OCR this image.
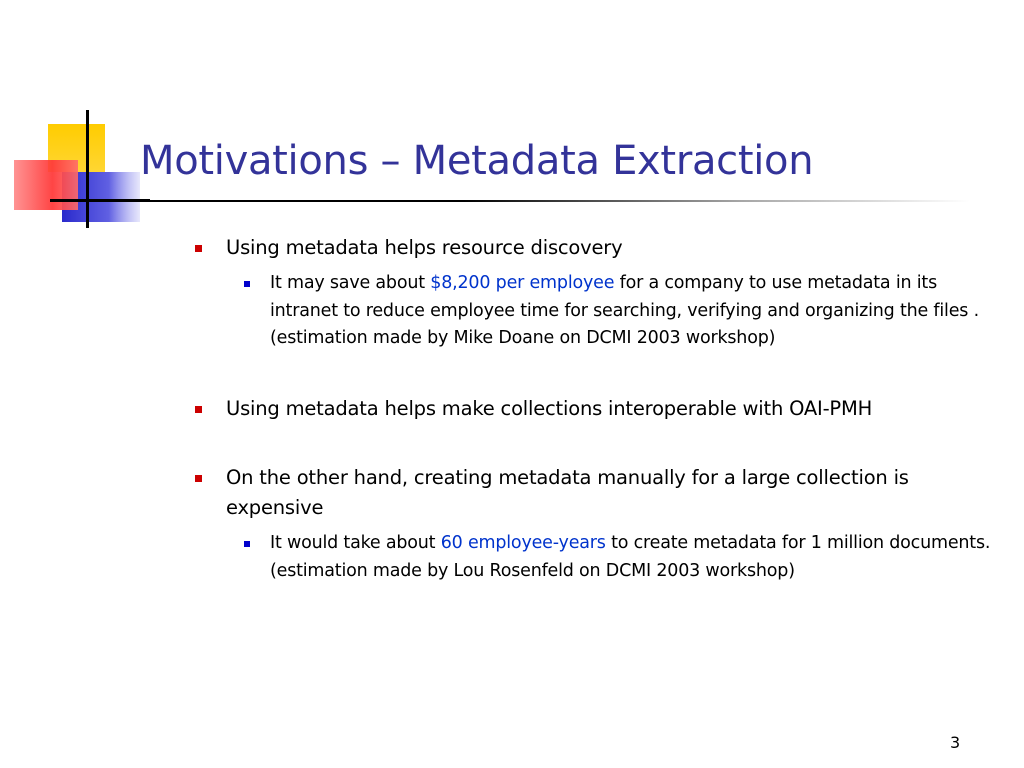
Motivations – Metadata Extraction
Using metadata helps resource discovery
It may save about $8,200 per employee for a company to use metadata in its intranet to reduce employee time for searching, verifying and organizing the files . (estimation made by Mike Doane on DCMI 2003 workshop)
Using metadata helps make collections interoperable with OAI-PMH
On the other hand, creating metadata manually for a large collection is expensive
It would take about 60 employee-years to create metadata for 1 million documents. (estimation made by Lou Rosenfeld on DCMI 2003 workshop)
3
